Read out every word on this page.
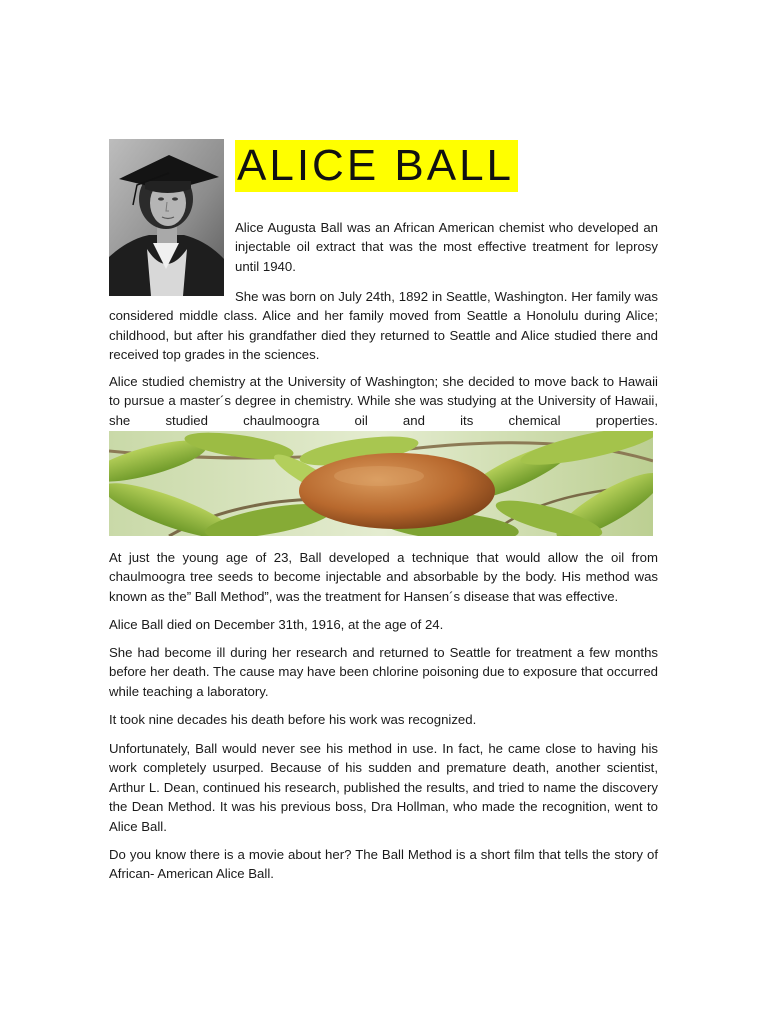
ALICE BALL

Alice Augusta Ball was an African American chemist who developed an injectable oil extract that was the most effective treatment for leprosy until 1940.

She was born on July 24th, 1892 in Seattle, Washington. Her family was considered middle class. Alice and her family moved from Seattle a Honolulu during Alice; childhood, but after his grandfather died they returned to Seattle and Alice studied there and received top grades in the sciences.

Alice studied chemistry at the University of Washington; she decided to move back to Hawaii to pursue a master´s degree in chemistry. While she was studying at the University of Hawaii, she studied chaulmoogra oil and its chemical properties.

At just the young age of 23, Ball developed a technique that would allow the oil from chaulmoogra tree seeds to become injectable and absorbable by the body. His method was known as the” Ball Method”, was the treatment for Hansen´s disease that was effective.

Alice Ball died on December 31th, 1916, at the age of 24.

She had become ill during her research and returned to Seattle for treatment a few months before her death. The cause may have been chlorine poisoning due to exposure that occurred while teaching a laboratory.

It took nine decades his death before his work was recognized.

Unfortunately, Ball would never see his method in use. In fact, he came close to having his work completely usurped. Because of his sudden and premature death, another scientist, Arthur L. Dean, continued his research, published the results, and tried to name the discovery the Dean Method. It was his previous boss, Dra Hollman, who made the recognition, went to Alice Ball.

Do you know there is a movie about her? The Ball Method is a short film that tells the story of African- American Alice Ball.
